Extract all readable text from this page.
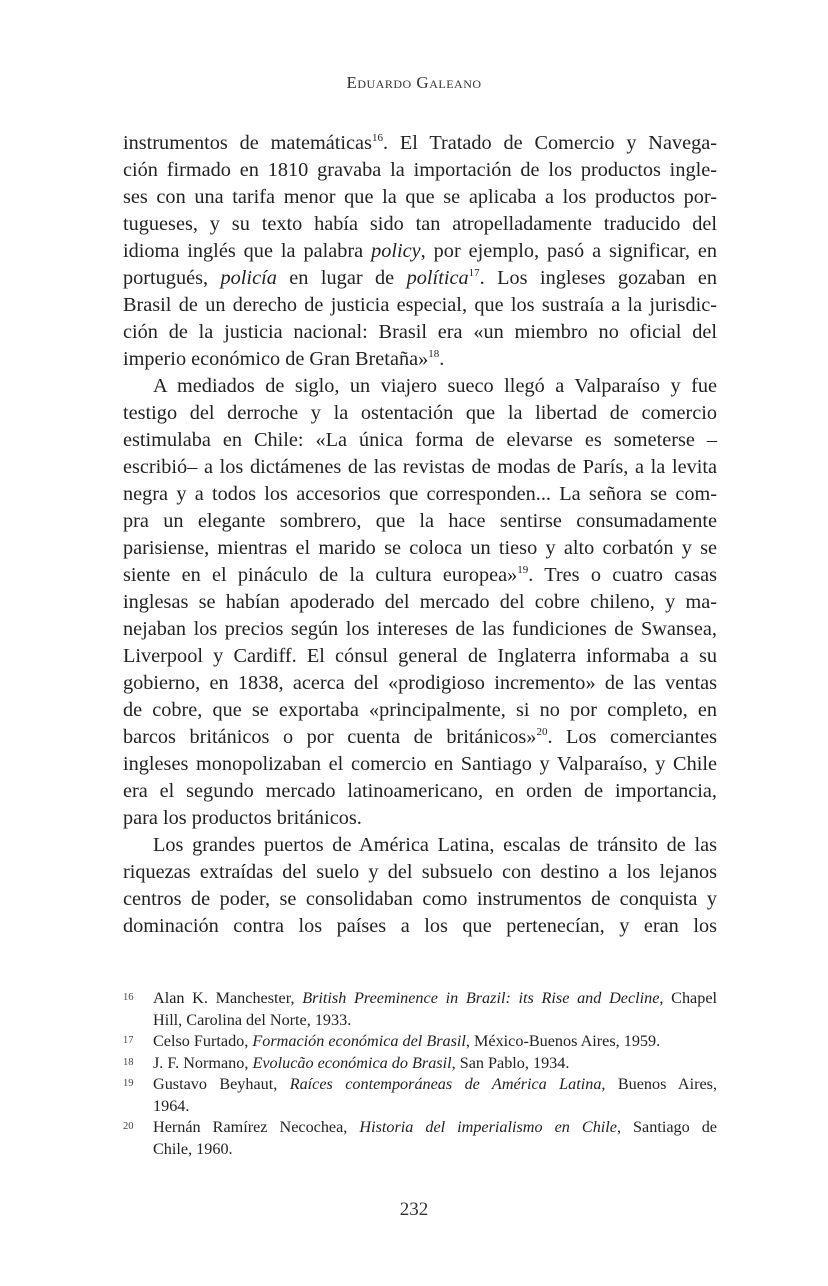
Eduardo Galeano
instrumentos de matemáticas$^{16}$. El Tratado de Comercio y Navega-
ción firmado en 1810 gravaba la importación de los productos ingle-
ses con una tarifa menor que la que se aplicaba a los productos por-
tugueses, y su texto había sido tan atropelladamente traducido del
idioma inglés que la palabra policy, por ejemplo, pasó a significar, en
portugués, policía en lugar de política$^{17}$. Los ingleses gozaban en
Brasil de un derecho de justicia especial, que los sustraía a la jurisdic-
ción de la justicia nacional: Brasil era «un miembro no oficial del
imperio económico de Gran Bretaña»$^{18}$.
A mediados de siglo, un viajero sueco llegó a Valparaíso y fue
testigo del derroche y la ostentación que la libertad de comercio
estimulaba en Chile: «La única forma de elevarse es someterse –
escribió– a los dictámenes de las revistas de modas de París, a la levita
negra y a todos los accesorios que corresponden... La señora se com-
pra un elegante sombrero, que la hace sentirse consumadamente
parisiense, mientras el marido se coloca un tieso y alto corbatón y se
siente en el pináculo de la cultura europea»$^{19}$. Tres o cuatro casas
inglesas se habían apoderado del mercado del cobre chileno, y ma-
nejaban los precios según los intereses de las fundiciones de Swansea,
Liverpool y Cardiff. El cónsul general de Inglaterra informaba a su
gobierno, en 1838, acerca del «prodigioso incremento» de las ventas
de cobre, que se exportaba «principalmente, si no por completo, en
barcos británicos o por cuenta de británicos»$^{20}$. Los comerciantes
ingleses monopolizaban el comercio en Santiago y Valparaíso, y Chile
era el segundo mercado latinoamericano, en orden de importancia,
para los productos británicos.
Los grandes puertos de América Latina, escalas de tránsito de las
riquezas extraídas del suelo y del subsuelo con destino a los lejanos
centros de poder, se consolidaban como instrumentos de conquista y
dominación contra los países a los que pertenecían, y eran los
16 Alan K. Manchester, British Preeminence in Brazil: its Rise and Decline, Chapel
Hill, Carolina del Norte, 1933.
17 Celso Furtado, Formación económica del Brasil, México-Buenos Aires, 1959.
18 J. F. Normano, Evolucão económica do Brasil, San Pablo, 1934.
19 Gustavo Beyhaut, Raíces contemporáneas de América Latina, Buenos Aires,
1964.
20 Hernán Ramírez Necochea, Historia del imperialismo en Chile, Santiago de
Chile, 1960.
232
